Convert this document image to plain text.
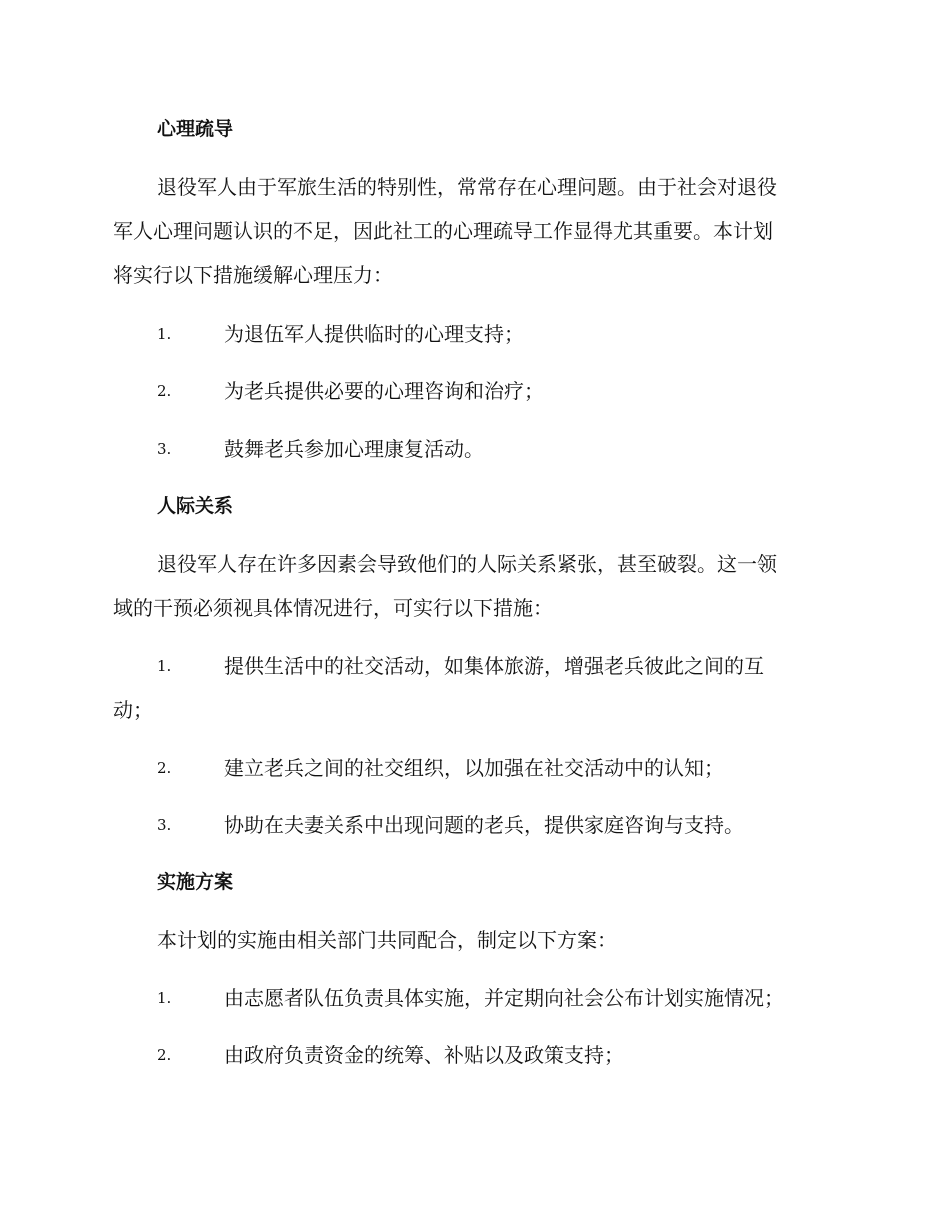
心理疏导
退役军人由于军旅生活的特别性，常常存在心理问题。由于社会对退役
军人心理问题认识的不足，因此社工的心理疏导工作显得尤其重要。本计划
将实行以下措施缓解心理压力：
1.	为退伍军人提供临时的心理支持；
2.	为老兵提供必要的心理咨询和治疗；
3.	鼓舞老兵参加心理康复活动。
人际关系
退役军人存在许多因素会导致他们的人际关系紧张，甚至破裂。这一领
域的干预必须视具体情况进行，可实行以下措施：
1.	提供生活中的社交活动，如集体旅游，增强老兵彼此之间的互
动；
2.	建立老兵之间的社交组织，以加强在社交活动中的认知；
3.	协助在夫妻关系中出现问题的老兵，提供家庭咨询与支持。
实施方案
本计划的实施由相关部门共同配合，制定以下方案：
1.	由志愿者队伍负责具体实施，并定期向社会公布计划实施情况；
2.	由政府负责资金的统筹、补贴以及政策支持；
